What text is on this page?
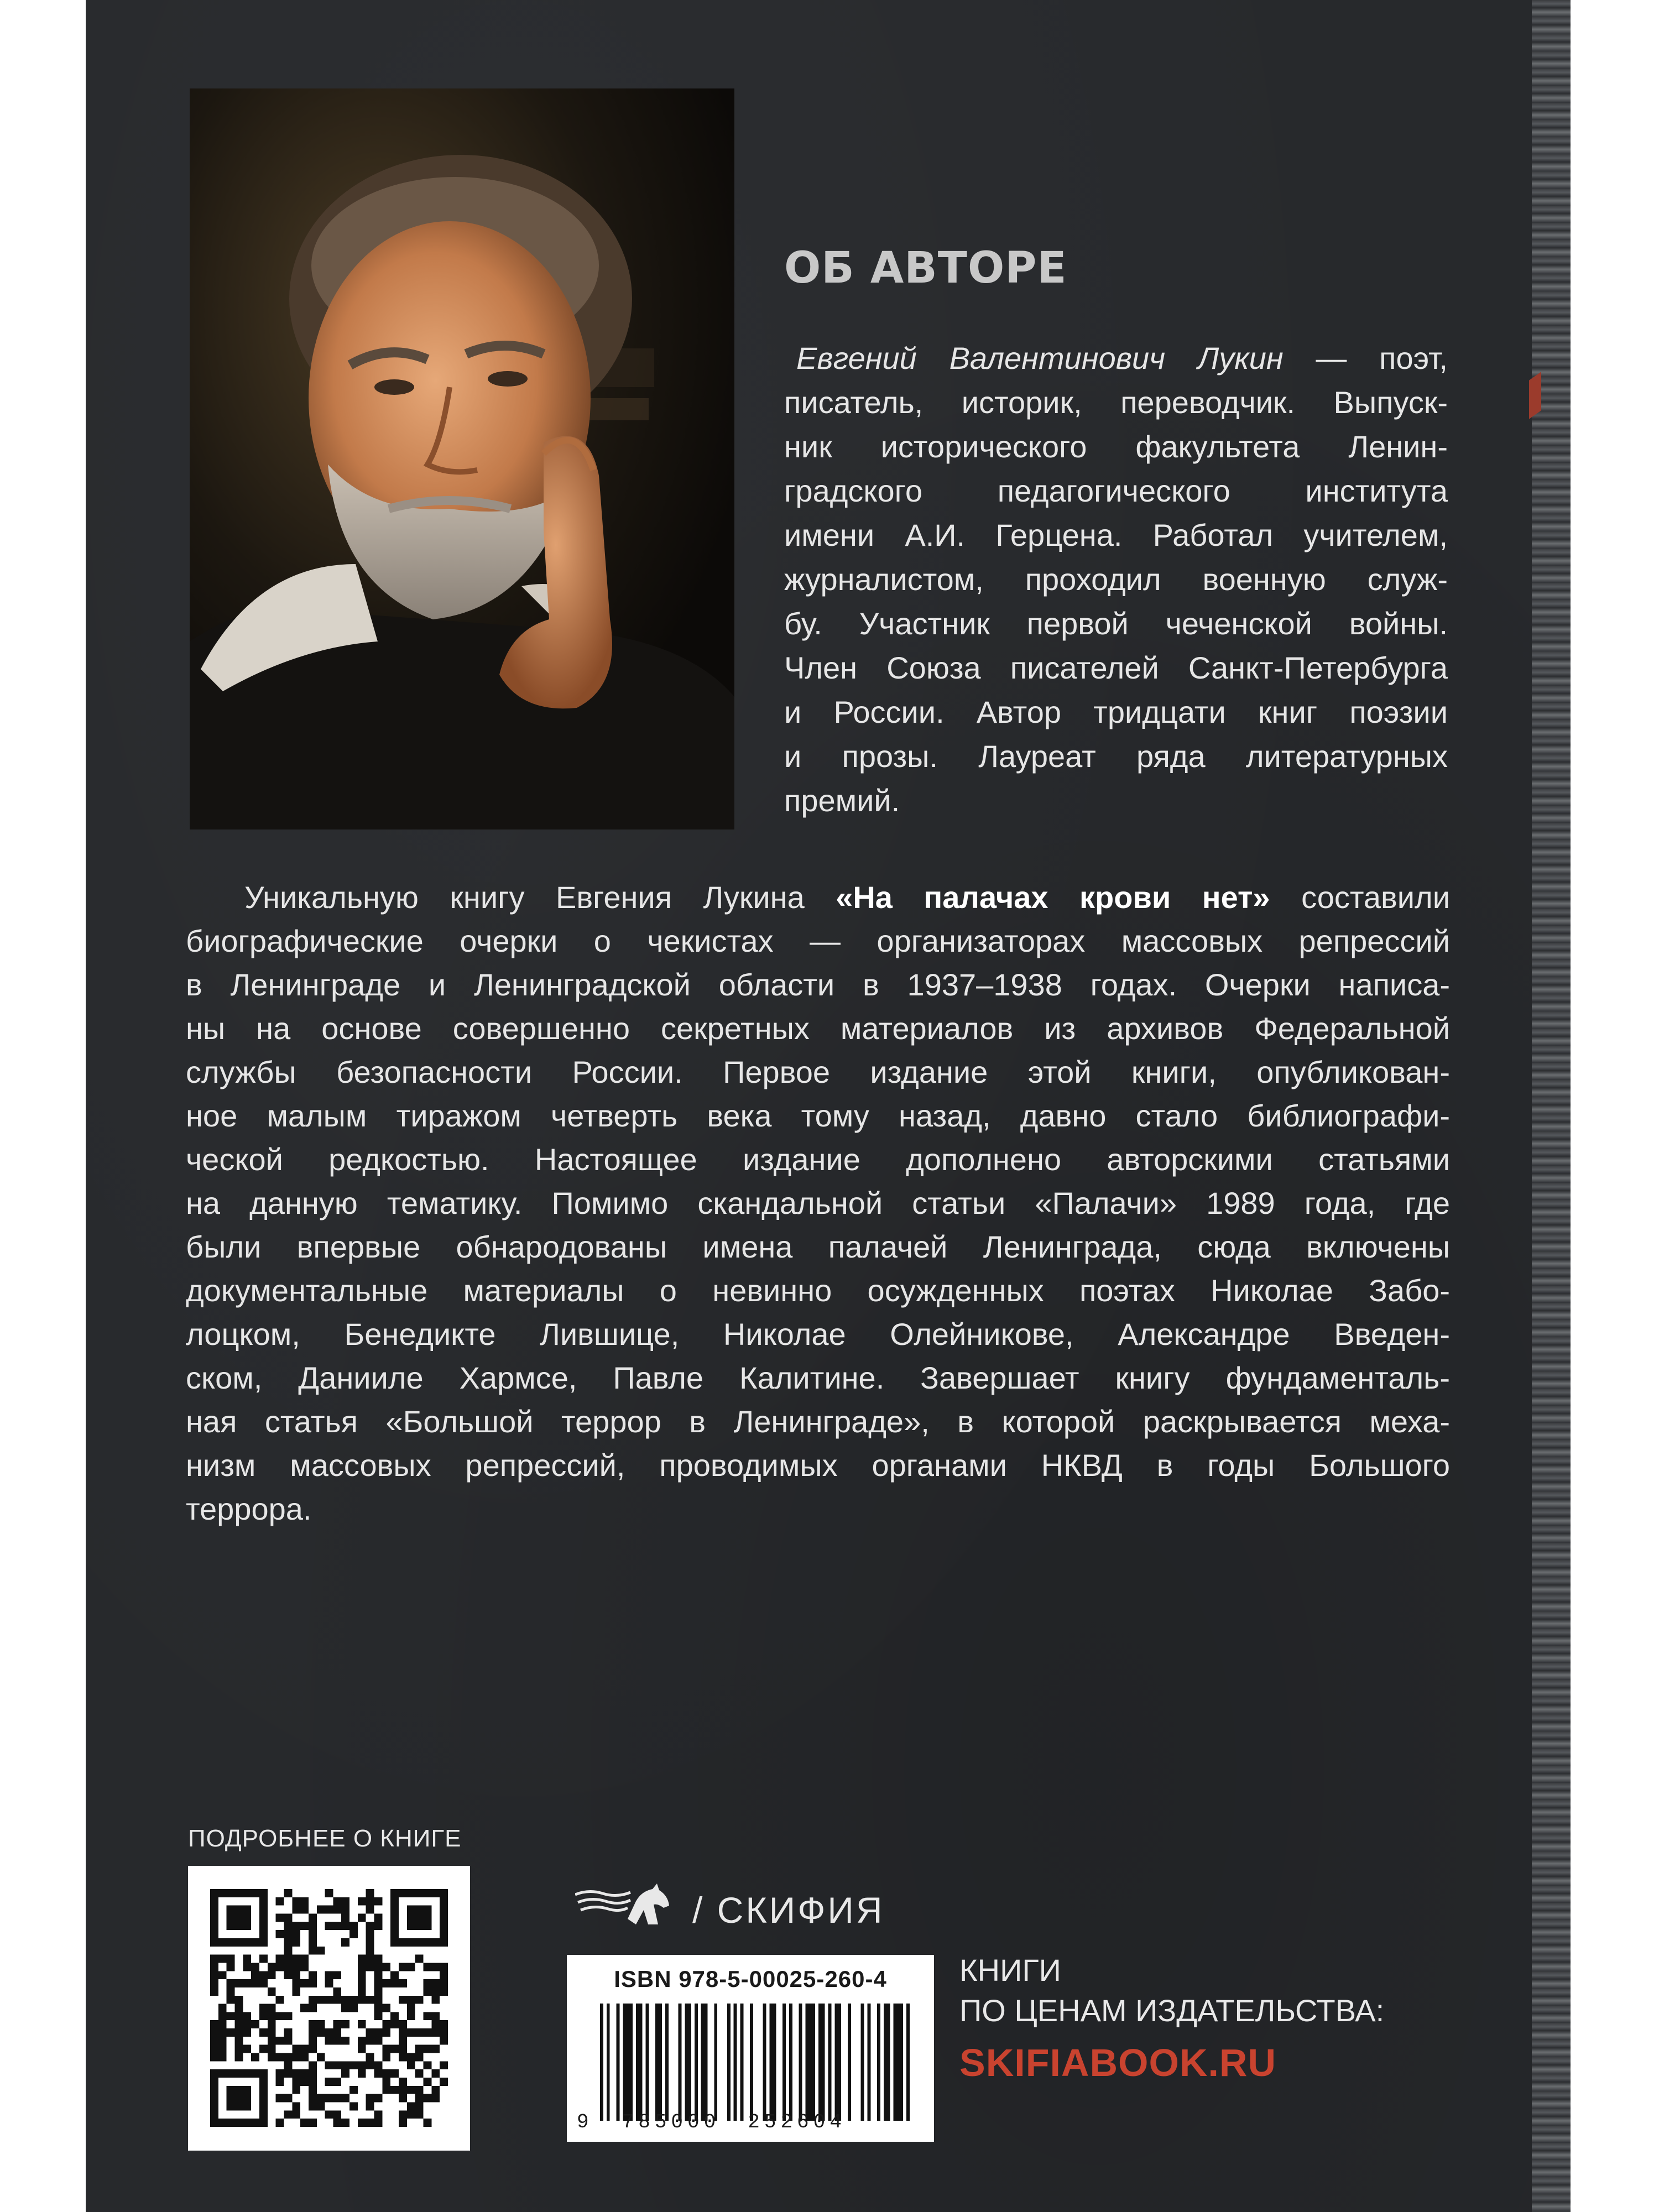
ОБ АВТОРЕ
Евгений Валентинович Лукин — поэт,
писатель, историк, переводчик. Выпуск-
ник исторического факультета Ленин-
градского педагогического института
имени А.И. Герцена. Работал учителем,
журналистом, проходил военную служ-
бу. Участник первой чеченской войны.
Член Союза писателей Санкт-Петербурга
и России. Автор тридцати книг поэзии
и прозы. Лауреат ряда литературных
премий.
Уникальную книгу Евгения Лукина «На палачах крови нет» составили
биографические очерки о чекистах — организаторах массовых репрессий
в Ленинграде и Ленинградской области в 1937–1938 годах. Очерки написа-
ны на основе совершенно секретных материалов из архивов Федеральной
службы безопасности России. Первое издание этой книги, опубликован-
ное малым тиражом четверть века тому назад, давно стало библиографи-
ческой редкостью. Настоящее издание дополнено авторскими статьями
на данную тематику. Помимо скандальной статьи «Палачи» 1989 года, где
были впервые обнародованы имена палачей Ленинграда, сюда включены
документальные материалы о невинно осужденных поэтах Николае Забо-
лоцком, Бенедикте Лившице, Николае Олейникове, Александре Введен-
ском, Данииле Хармсе, Павле Калитине. Завершает книгу фундаменталь-
ная статья «Большой террор в Ленинграде», в которой раскрывается меха-
низм массовых репрессий, проводимых органами НКВД в годы Большого
террора.
ПОДРОБНЕЕ О КНИГЕ
/ СКИФИЯ
ISBN 978-5-00025-260-4
9 785000 252604
КНИГИ
ПО ЦЕНАМ ИЗДАТЕЛЬСТВА:
SKIFIABOOK.RU
